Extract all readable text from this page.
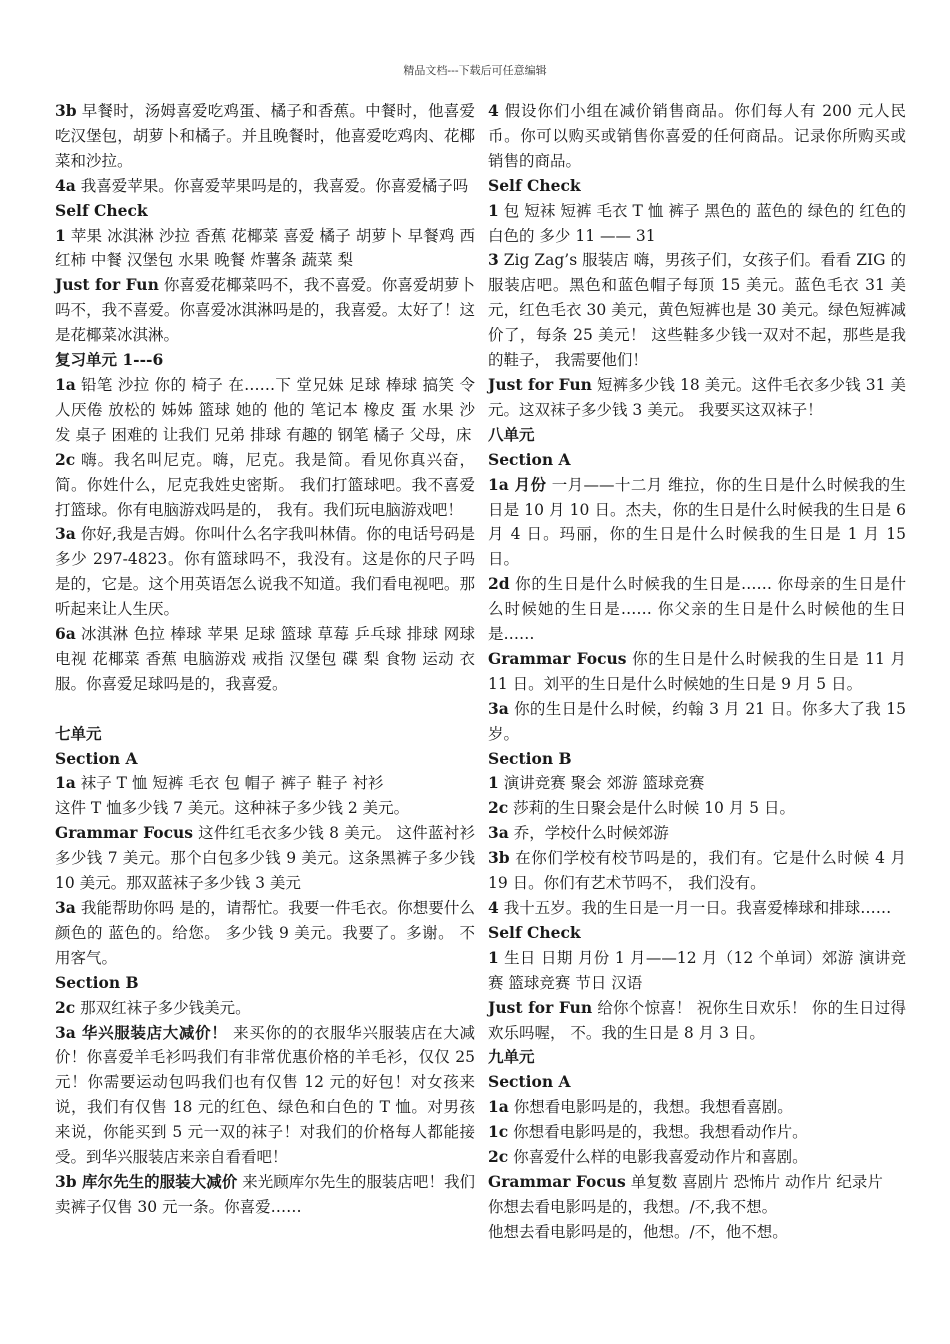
精品文档---下载后可任意编辑

3b 早餐时，汤姆喜爱吃鸡蛋、橘子和香蕉。中餐时，他喜爱吃汉堡包，胡萝卜和橘子。并且晚餐时，他喜爱吃鸡肉、花椰菜和沙拉。

4a 我喜爱苹果。你喜爱苹果吗是的，我喜爱。你喜爱橘子吗

Self Check

1 苹果 冰淇淋 沙拉 香蕉 花椰菜 喜爱 橘子 胡萝卜 早餐鸡 西红柿 中餐 汉堡包 水果 晚餐 炸薯条 蔬菜 梨

Just for Fun 你喜爱花椰菜吗不，我不喜爱。你喜爱胡萝卜吗不，我不喜爱。你喜爱冰淇淋吗是的，我喜爱。太好了！这是花椰菜冰淇淋。

复习单元 1---6

1a 铅笔 沙拉 你的 椅子 在……下 堂兄妹 足球 棒球 搞笑 令人厌倦 放松的 姊姊 篮球 她的 他的 笔记本 橡皮 蛋 水果 沙发 桌子 困难的 让我们 兄弟 排球 有趣的 钢笔 橘子 父母，床

2c 嗨。我名叫尼克。嗨，尼克。我是简。看见你真兴奋，简。你姓什么，尼克我姓史密斯。 我们打篮球吧。我不喜爱打篮球。你有电脑游戏吗是的， 我有。我们玩电脑游戏吧！

3a 你好,我是吉姆。你叫什么名字我叫林倩。你的电话号码是多少 297-4823。你有篮球吗不，我没有。这是你的尺子吗是的，它是。这个用英语怎么说我不知道。我们看电视吧。那听起来让人生厌。

6a 冰淇淋 色拉 棒球 苹果 足球 篮球 草莓 乒乓球 排球 网球 电视 花椰菜 香蕉 电脑游戏 戒指 汉堡包 碟 梨 食物 运动 衣服。你喜爱足球吗是的，我喜爱。

七单元

Section A

1a 袜子 T 恤 短裤 毛衣 包 帽子 裤子 鞋子 衬衫

这件 T 恤多少钱 7 美元。这种袜子多少钱 2 美元。

Grammar Focus 这件红毛衣多少钱 8 美元。 这件蓝衬衫多少钱 7 美元。那个白包多少钱 9 美元。这条黑裤子多少钱 10 美元。那双蓝袜子多少钱 3 美元

3a 我能帮助你吗 是的，请帮忙。我要一件毛衣。你想要什么颜色的 蓝色的。给您。 多少钱 9 美元。我要了。多谢。 不用客气。

Section B

2c 那双红袜子多少钱美元。

3a 华兴服装店大减价！ 来买你的的衣服华兴服装店在大减价！你喜爱羊毛衫吗我们有非常优惠价格的羊毛衫，仅仅 25 元！你需要运动包吗我们也有仅售 12 元的好包！对女孩来说，我们有仅售 18 元的红色、绿色和白色的 T 恤。对男孩来说，你能买到 5 元一双的袜子！对我们的价格每人都能接受。到华兴服装店来亲自看看吧！

3b 库尔先生的服装大减价 来光顾库尔先生的服装店吧！我们卖裤子仅售 30 元一条。你喜爱……

4 假设你们小组在减价销售商品。你们每人有 200 元人民币。你可以购买或销售你喜爱的任何商品。记录你所购买或销售的商品。

Self Check

1 包 短袜 短裤 毛衣 T 恤 裤子 黑色的 蓝色的 绿色的 红色的 白色的 多少 11 —— 31

3 Zig Zag’s 服装店 嗨，男孩子们，女孩子们。看看 ZIG 的服装店吧。黑色和蓝色帽子每顶 15 美元。蓝色毛衣 31 美元，红色毛衣 30 美元，黄色短裤也是 30 美元。绿色短裤减价了，每条 25 美元！ 这些鞋多少钱一双对不起，那些是我的鞋子， 我需要他们！

Just for Fun 短裤多少钱 18 美元。这件毛衣多少钱 31 美元。这双袜子多少钱 3 美元。 我要买这双袜子！

八单元

Section A

1a 月份 一月——十二月 维拉，你的生日是什么时候我的生日是 10 月 10 日。杰夫，你的生日是什么时候我的生日是 6 月 4 日。玛丽，你的生日是什么时候我的生日是 1 月 15 日。

2d 你的生日是什么时候我的生日是…… 你母亲的生日是什么时候她的生日是…… 你父亲的生日是什么时候他的生日是……

Grammar Focus 你的生日是什么时候我的生日是 11 月 11 日。刘平的生日是什么时候她的生日是 9 月 5 日。

3a 你的生日是什么时候，约翰 3 月 21 日。你多大了我 15 岁。

Section B

1 演讲竞赛 聚会 郊游 篮球竞赛

2c 莎莉的生日聚会是什么时候 10 月 5 日。

3a 乔，学校什么时候郊游

3b 在你们学校有校节吗是的，我们有。它是什么时候 4 月 19 日。你们有艺术节吗不， 我们没有。

4 我十五岁。我的生日是一月一日。我喜爱棒球和排球……

Self Check

1 生日 日期 月份 1 月——12 月（12 个单词）郊游 演讲竞赛 篮球竞赛 节日 汉语

Just for Fun 给你个惊喜！ 祝你生日欢乐！ 你的生日过得欢乐吗喔， 不。我的生日是 8 月 3 日。

九单元

Section A

1a 你想看电影吗是的，我想。我想看喜剧。

1c 你想看电影吗是的，我想。我想看动作片。

2c 你喜爱什么样的电影我喜爱动作片和喜剧。

Grammar Focus 单复数 喜剧片 恐怖片 动作片 纪录片

你想去看电影吗是的，我想。/不,我不想。

他想去看电影吗是的，他想。/不，他不想。
